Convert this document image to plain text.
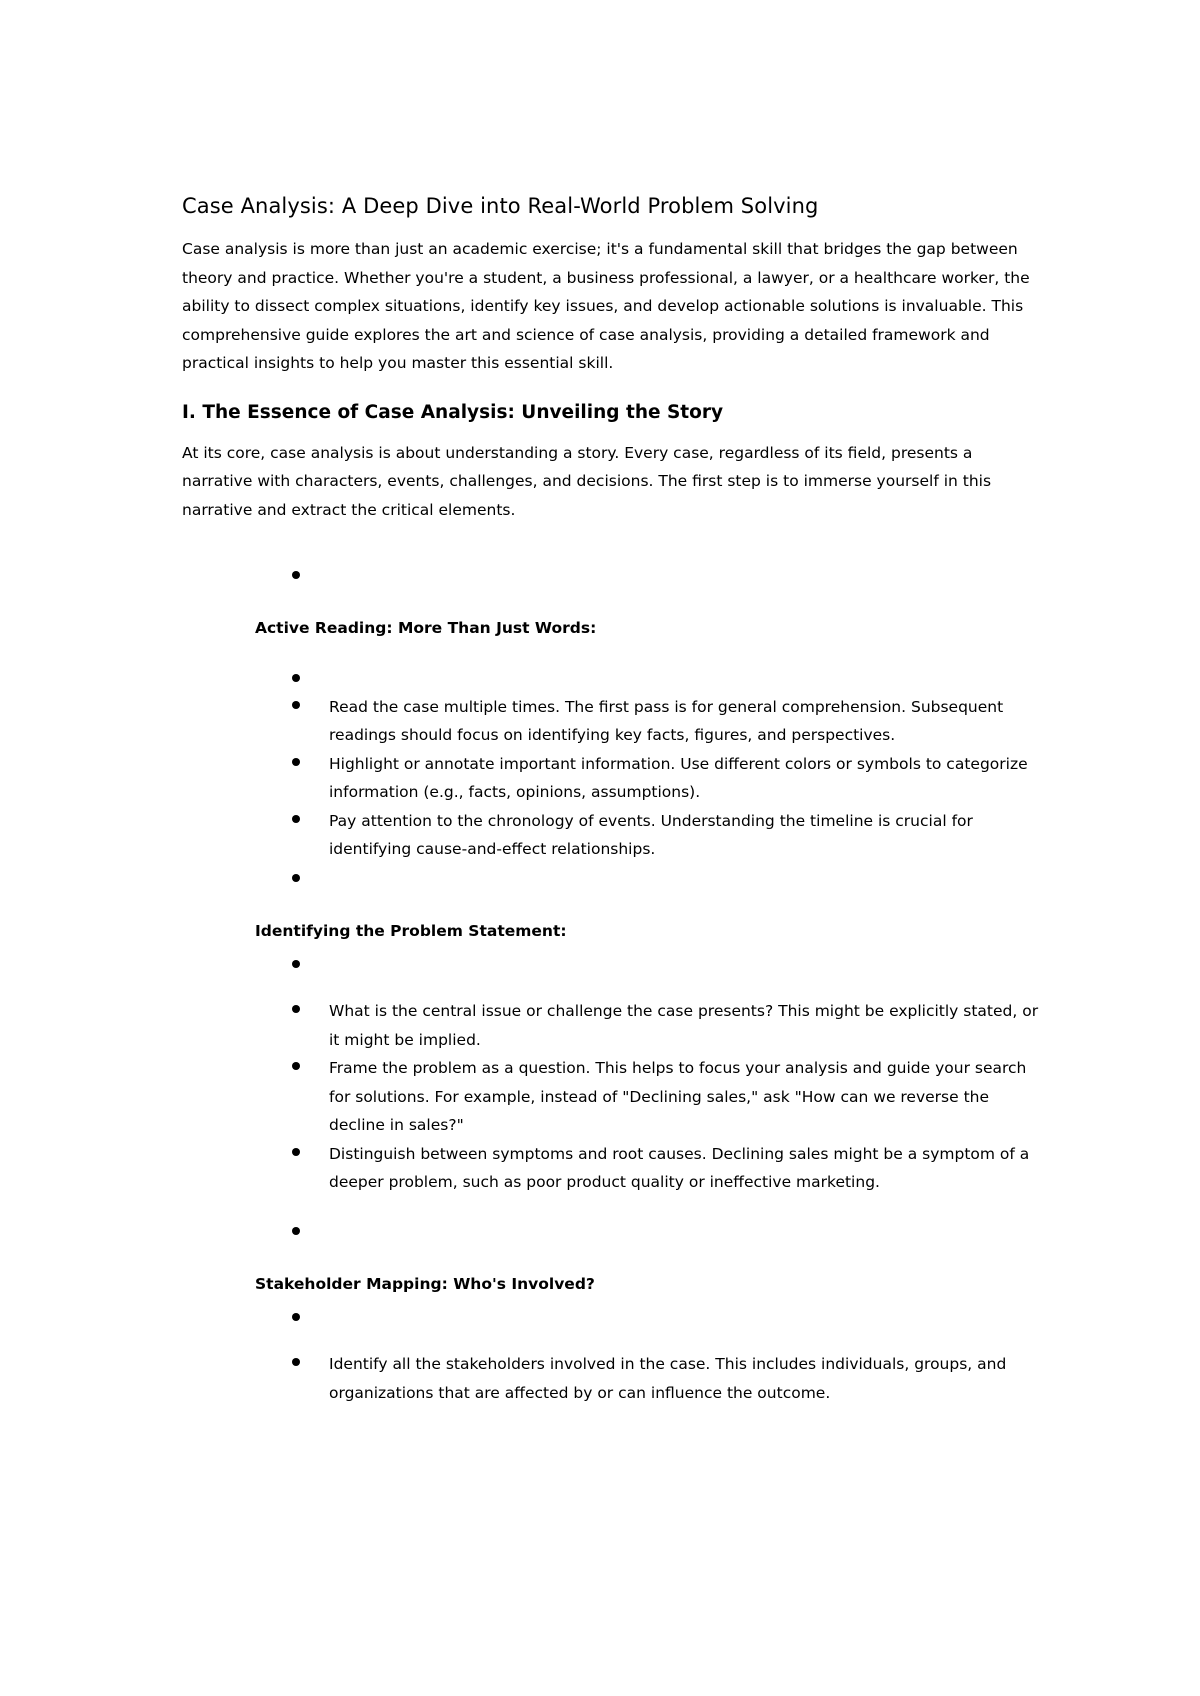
Case Analysis: A Deep Dive into Real-World Problem Solving

Case analysis is more than just an academic exercise; it's a fundamental skill that bridges the gap between theory and practice. Whether you're a student, a business professional, a lawyer, or a healthcare worker, the ability to dissect complex situations, identify key issues, and develop actionable solutions is invaluable. This comprehensive guide explores the art and science of case analysis, providing a detailed framework and practical insights to help you master this essential skill.

I. The Essence of Case Analysis: Unveiling the Story

At its core, case analysis is about understanding a story. Every case, regardless of its field, presents a narrative with characters, events, challenges, and decisions. The first step is to immerse yourself in this narrative and extract the critical elements.

Active Reading: More Than Just Words:
Read the case multiple times. The first pass is for general comprehension. Subsequent readings should focus on identifying key facts, figures, and perspectives.
Highlight or annotate important information. Use different colors or symbols to categorize information (e.g., facts, opinions, assumptions).
Pay attention to the chronology of events. Understanding the timeline is crucial for identifying cause-and-effect relationships.
Identifying the Problem Statement:
What is the central issue or challenge the case presents? This might be explicitly stated, or it might be implied.
Frame the problem as a question. This helps to focus your analysis and guide your search for solutions. For example, instead of "Declining sales," ask "How can we reverse the decline in sales?"
Distinguish between symptoms and root causes. Declining sales might be a symptom of a deeper problem, such as poor product quality or ineffective marketing.
Stakeholder Mapping: Who's Involved?
Identify all the stakeholders involved in the case. This includes individuals, groups, and organizations that are affected by or can influence the outcome.
